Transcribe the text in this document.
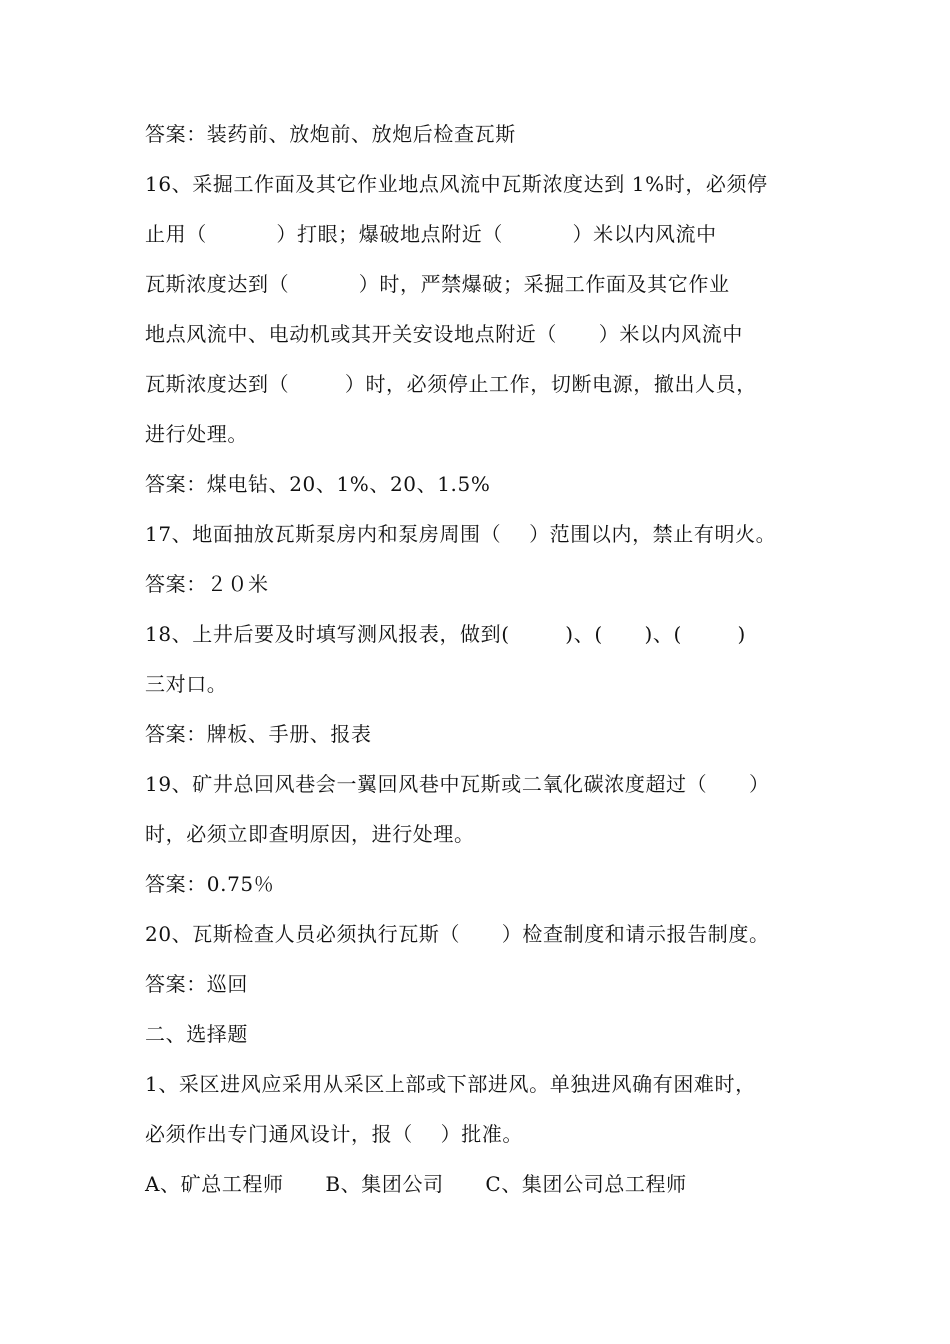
答案：装药前、放炮前、放炮后检查瓦斯
16、采掘工作面及其它作业地点风流中瓦斯浓度达到 1%时，必须停
止用（          ）打眼；爆破地点附近（          ）米以内风流中
瓦斯浓度达到（          ）时，严禁爆破；采掘工作面及其它作业
地点风流中、电动机或其开关安设地点附近（      ）米以内风流中
瓦斯浓度达到（        ）时，必须停止工作，切断电源，撤出人员，
进行处理。
答案：煤电钻、20、1%、20、1.5%
17、地面抽放瓦斯泵房内和泵房周围（    ）范围以内，禁止有明火。
答案：２０米
18、上井后要及时填写测风报表，做到(        )、(      )、(        )
三对口。
答案：牌板、手册、报表
19、矿井总回风巷会一翼回风巷中瓦斯或二氧化碳浓度超过（      ）
时，必须立即查明原因，进行处理。
答案：0.75％
20、瓦斯检查人员必须执行瓦斯（      ）检查制度和请示报告制度。
答案：巡回
二、选择题
1、采区进风应采用从采区上部或下部进风。单独进风确有困难时，
必须作出专门通风设计，报（    ）批准。
A、矿总工程师      B、集团公司      C、集团公司总工程师
